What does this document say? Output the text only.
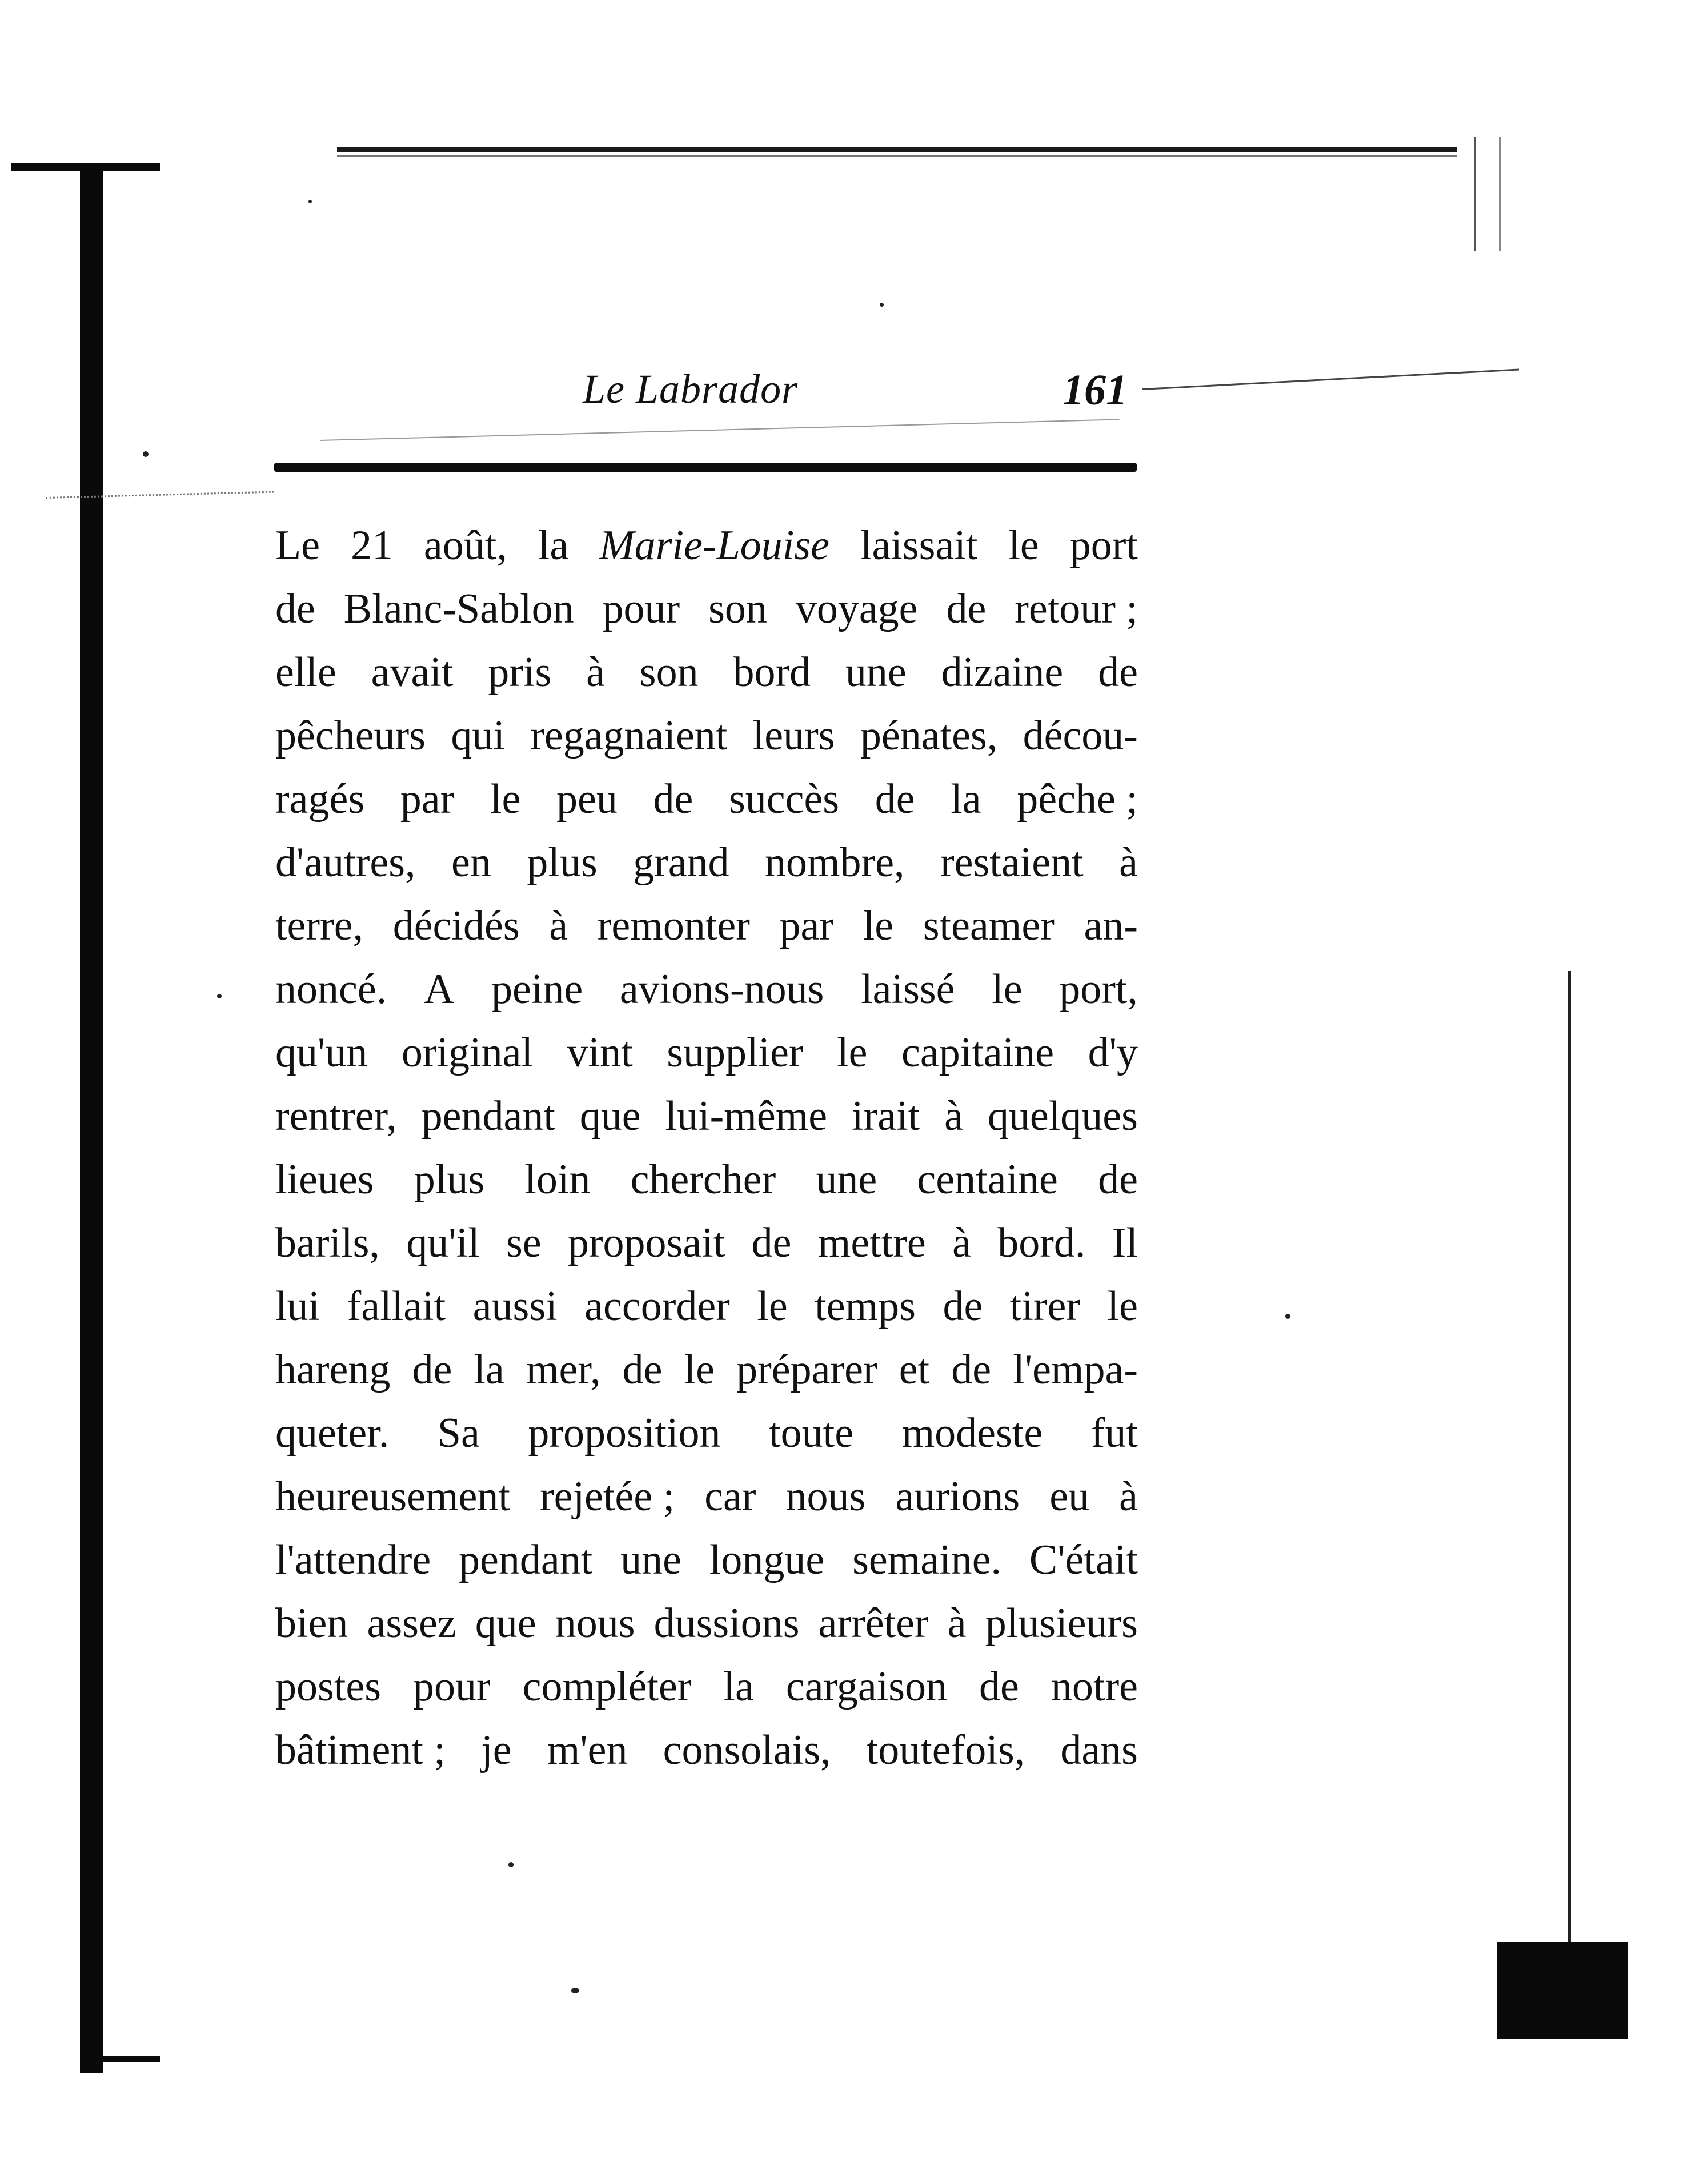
Le Labrador	161
Le 21 août, la Marie-Louise laissait le port
de Blanc-Sablon pour son voyage de retour ;
elle avait pris à son bord une dizaine de
pêcheurs qui regagnaient leurs pénates, décou-
ragés par le peu de succès de la pêche ;
d'autres, en plus grand nombre, restaient à
terre, décidés à remonter par le steamer an-
noncé. A peine avions-nous laissé le port,
qu'un original vint supplier le capitaine d'y
rentrer, pendant que lui-même irait à quelques
lieues plus loin chercher une centaine de
barils, qu'il se proposait de mettre à bord. Il
lui fallait aussi accorder le temps de tirer le
hareng de la mer, de le préparer et de l'empa-
queter. Sa proposition toute modeste fut
heureusement rejetée ; car nous aurions eu à
l'attendre pendant une longue semaine. C'était
bien assez que nous dussions arrêter à plusieurs
postes pour compléter la cargaison de notre
bâtiment ; je m'en consolais, toutefois, dans
